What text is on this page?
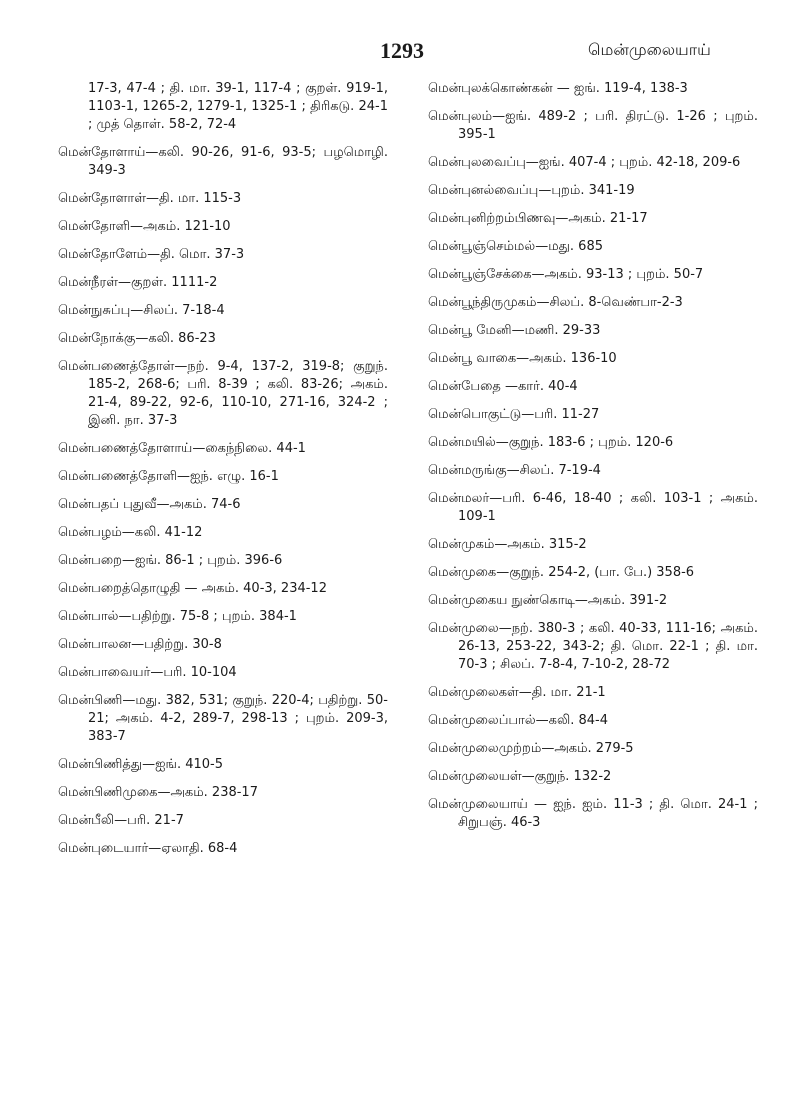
1293	மென்முலையாய்
17-3, 47-4 ; தி. மா. 39-1, 117-4 ; குறள். 919-1, 1103-1, 1265-2, 1279-1, 1325-1 ; திரிகடு. 24-1 ; முத் தொள். 58-2, 72-4
மென்தோளாய்—கலி. 90-26, 91-6, 93-5; பழமொழி. 349-3
மென்தோளாள்—தி. மா. 115-3
மென்தோளி—அகம். 121-10
மென்தோளேம்—தி. மொ. 37-3
மென்நீரள்—குறள். 1111-2
மென்நுசுப்பு—சிலப். 7-18-4
மென்நோக்கு—கலி. 86-23
மென்பணைத்தோள்—நற். 9-4, 137-2, 319-8; குறுந். 185-2, 268-6; பரி. 8-39 ; கலி. 83-26; அகம். 21-4, 89-22, 92-6, 110-10, 271-16, 324-2 ; இனி. நா. 37-3
மென்பணைத்தோளாய்—கைந்நிலை. 44-1
மென்பணைத்தோளி—ஐந். எழு. 16-1
மென்பதப் புதுவீ—அகம். 74-6
மென்பழம்—கலி. 41-12
மென்பறை—ஐங். 86-1 ; புறம். 396-6
மென்பறைத்தொழுதி — அகம். 40-3, 234-12
மென்பால்—பதிற்று. 75-8 ; புறம். 384-1
மென்பாலன—பதிற்று. 30-8
மென்பாவையர்—பரி. 10-104
மென்பிணி—மது. 382, 531; குறுந். 220-4; பதிற்று. 50-21; அகம். 4-2, 289-7, 298-13 ; புறம். 209-3, 383-7
மென்பிணித்து—ஐங். 410-5
மென்பிணிமுகை—அகம். 238-17
மென்பீலி—பரி. 21-7
மென்புடையார்—ஏலாதி. 68-4
மென்புலக்கொண்கன் — ஐங். 119-4, 138-3
மென்புலம்—ஐங். 489-2 ; பரி. திரட்டு. 1-26 ; புறம். 395-1
மென்புலவைப்பு—ஐங். 407-4 ; புறம். 42-18, 209-6
மென்புனல்வைப்பு—புறம். 341-19
மென்புனிற்றம்பிணவு—அகம். 21-17
மென்பூஞ்செம்மல்—மது. 685
மென்பூஞ்சேக்கை—அகம். 93-13 ; புறம். 50-7
மென்பூந்திருமுகம்—சிலப். 8-வெண்பா-2-3
மென்பூ மேனி—மணி. 29-33
மென்பூ வாகை—அகம். 136-10
மென்பேதை —கார். 40-4
மென்பொகுட்டு—பரி. 11-27
மென்மயில்—குறுந். 183-6 ; புறம். 120-6
மென்மருங்கு—சிலப். 7-19-4
மென்மலர்—பரி. 6-46, 18-40 ; கலி. 103-1 ; அகம். 109-1
மென்முகம்—அகம். 315-2
மென்முகை—குறுந். 254-2, (பா. பே.) 358-6
மென்முகைய நுண்கொடி—அகம். 391-2
மென்முலை—நற். 380-3 ; கலி. 40-33, 111-16; அகம். 26-13, 253-22, 343-2; தி. மொ. 22-1 ; தி. மா. 70-3 ; சிலப். 7-8-4, 7-10-2, 28-72
மென்முலைகள்—தி. மா. 21-1
மென்முலைப்பால்—கலி. 84-4
மென்முலைமுற்றம்—அகம். 279-5
மென்முலையள்—குறுந். 132-2
மென்முலையாய் — ஐந். ஐம். 11-3 ; தி. மொ. 24-1 ; சிறுபஞ். 46-3
